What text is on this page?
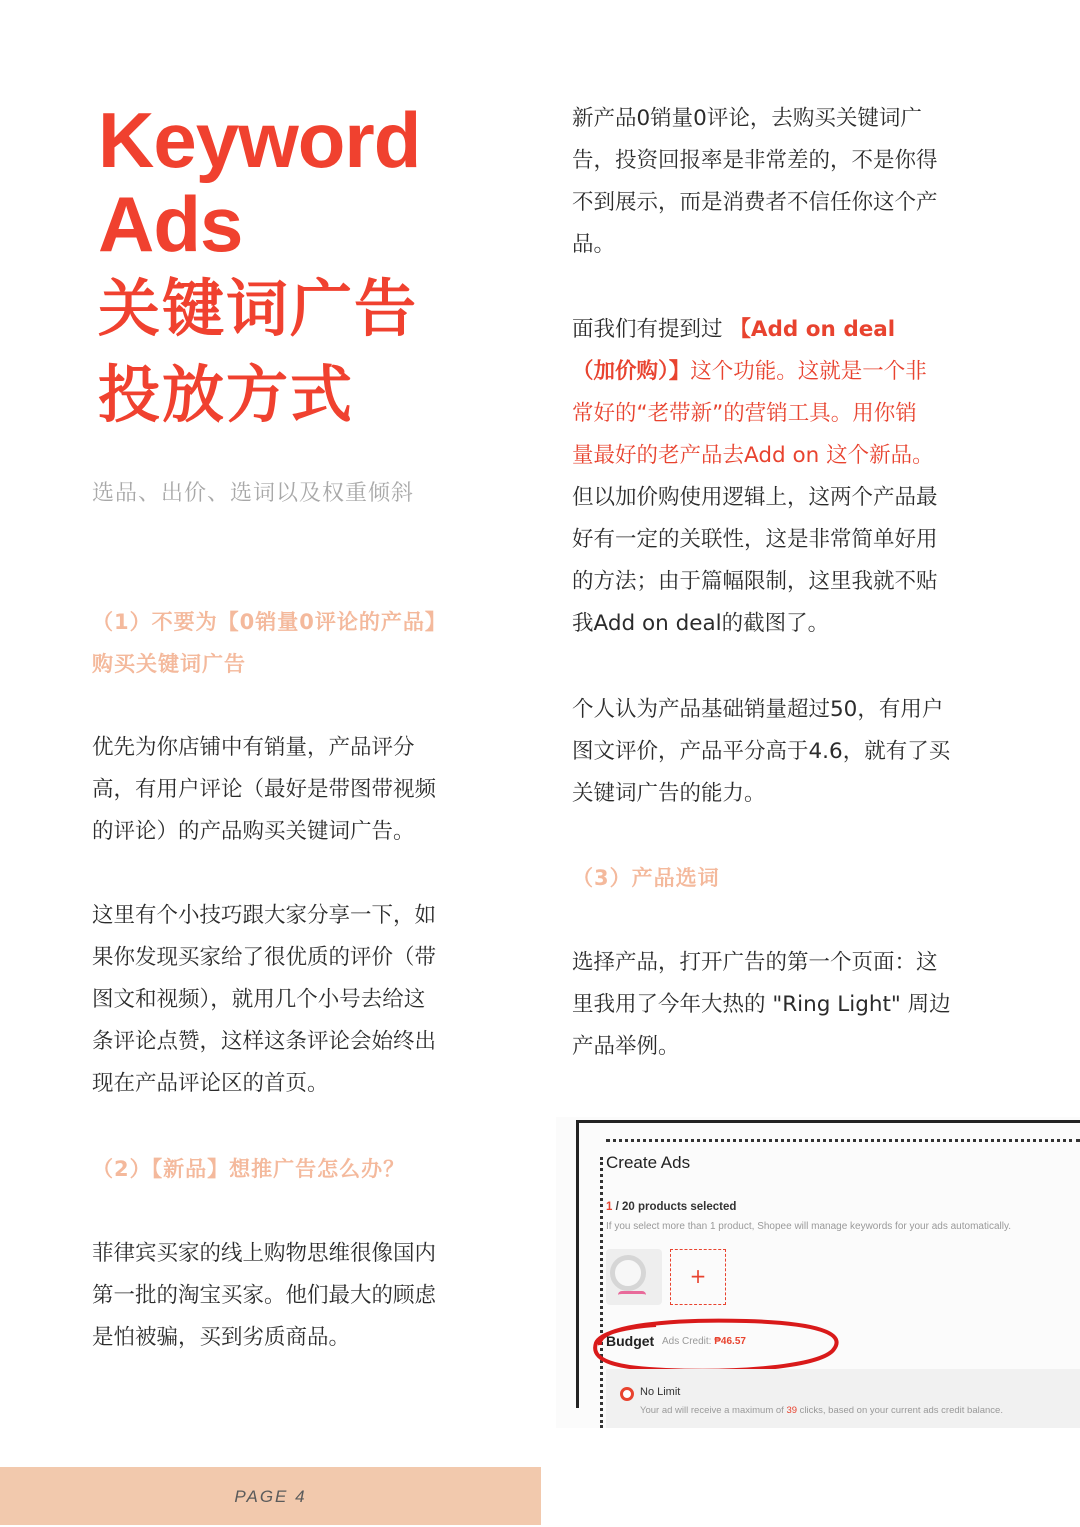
Keyword
Ads
关键词广告
投放方式
选品、出价、选词以及权重倾斜
（1）不要为【0销量0评论的产品】
购买关键词广告

优先为你店铺中有销量，产品评分

高，有用户评论（最好是带图带视频

的评论）的产品购买关键词广告。

这里有个小技巧跟大家分享一下，如

果你发现买家给了很优质的评价（带

图文和视频），就用几个小号去给这

条评论点赞，这样这条评论会始终出

现在产品评论区的首页。

（2）【新品】想推广告怎么办？

菲律宾买家的线上购物思维很像国内

第一批的淘宝买家。他们最大的顾虑

是怕被骗，买到劣质商品。

新产品0销量0评论，去购买关键词广

告，投资回报率是非常差的，不是你得

不到展示，而是消费者不信任你这个产

品。

面我们有提到过 【Add on deal

（加价购）】这个功能。这就是一个非

常好的“老带新”的营销工具。用你销

量最好的老产品去Add on 这个新品。

但以加价购使用逻辑上，这两个产品最

好有一定的关联性，这是非常简单好用

的方法；由于篇幅限制，这里我就不贴

我Add on deal的截图了。

个人认为产品基础销量超过50，有用户

图文评价，产品平分高于4.6，就有了买

关键词广告的能力。

（3）产品选词

选择产品，打开广告的第一个页面：这

里我用了今年大热的 "Ring Light" 周边

产品举例。

Create Ads
1 / 20 products selected
If you select more than 1 product, Shopee will manage keywords for your ads automatically.
+
Budget Ads Credit: ₱46.57
No Limit
Your ad will receive a maximum of 39 clicks, based on your current ads credit balance.
PAGE 4
